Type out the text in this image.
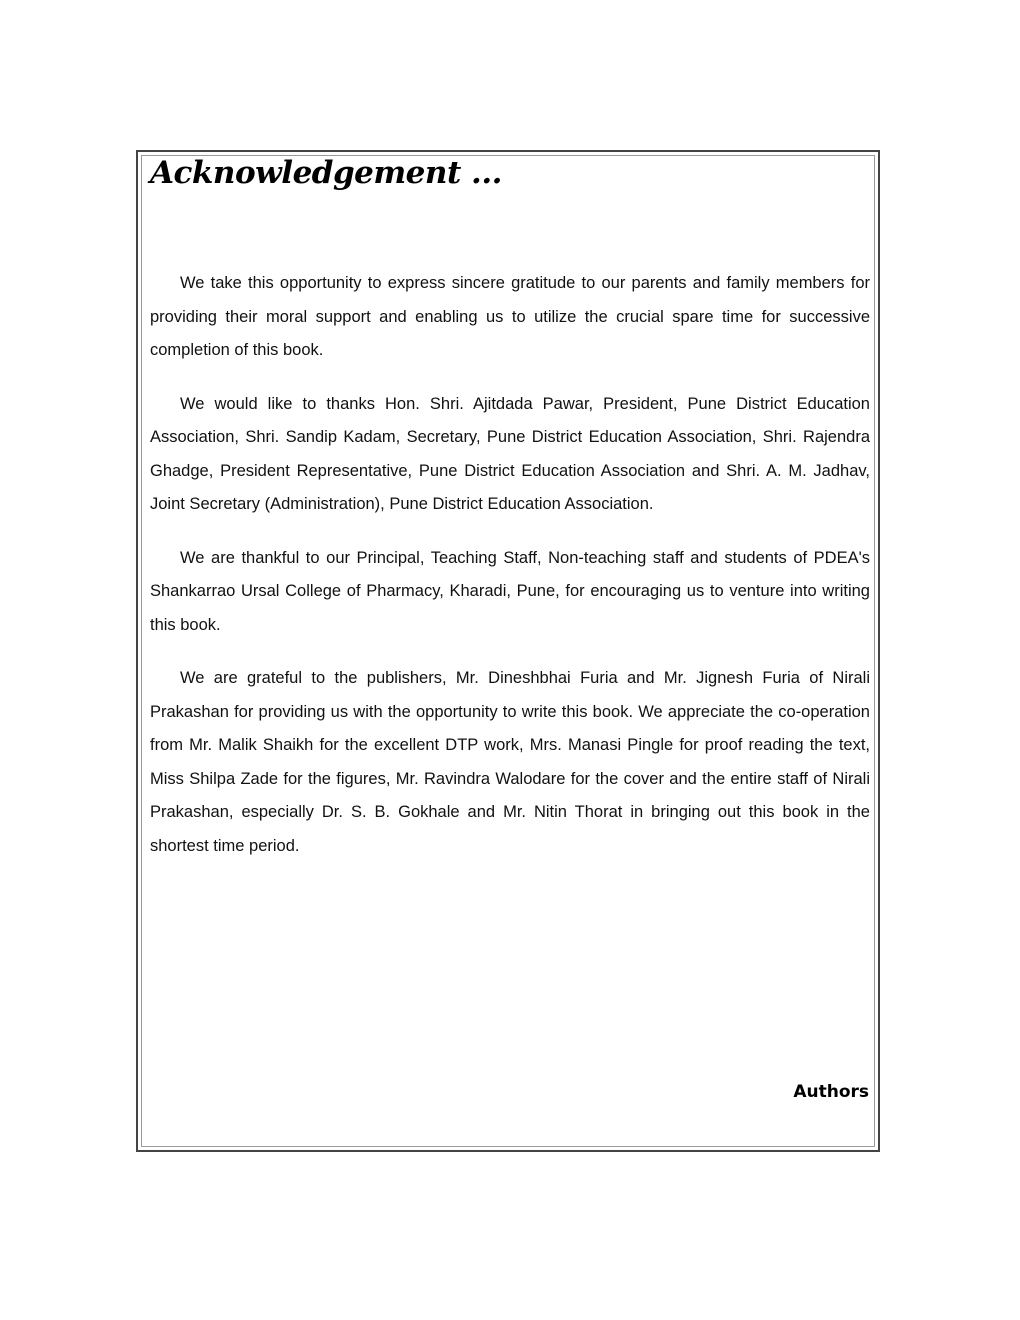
Acknowledgement ...

We take this opportunity to express sincere gratitude to our parents and family members for providing their moral support and enabling us to utilize the crucial spare time for successive completion of this book.

We would like to thanks Hon. Shri. Ajitdada Pawar, President, Pune District Education Association, Shri. Sandip Kadam, Secretary, Pune District Education Association, Shri. Rajendra Ghadge, President Representative, Pune District Education Association and Shri. A. M. Jadhav, Joint Secretary (Administration), Pune District Education Association.

We are thankful to our Principal, Teaching Staff, Non-teaching staff and students of PDEA's Shankarrao Ursal College of Pharmacy, Kharadi, Pune, for encouraging us to venture into writing this book.

We are grateful to the publishers, Mr. Dineshbhai Furia and Mr. Jignesh Furia of Nirali Prakashan for providing us with the opportunity to write this book. We appreciate the co-operation from Mr. Malik Shaikh for the excellent DTP work, Mrs. Manasi Pingle for proof reading the text, Miss Shilpa Zade for the figures, Mr. Ravindra Walodare for the cover and the entire staff of Nirali Prakashan, especially Dr. S. B. Gokhale and Mr. Nitin Thorat in bringing out this book in the shortest time period.

Authors
